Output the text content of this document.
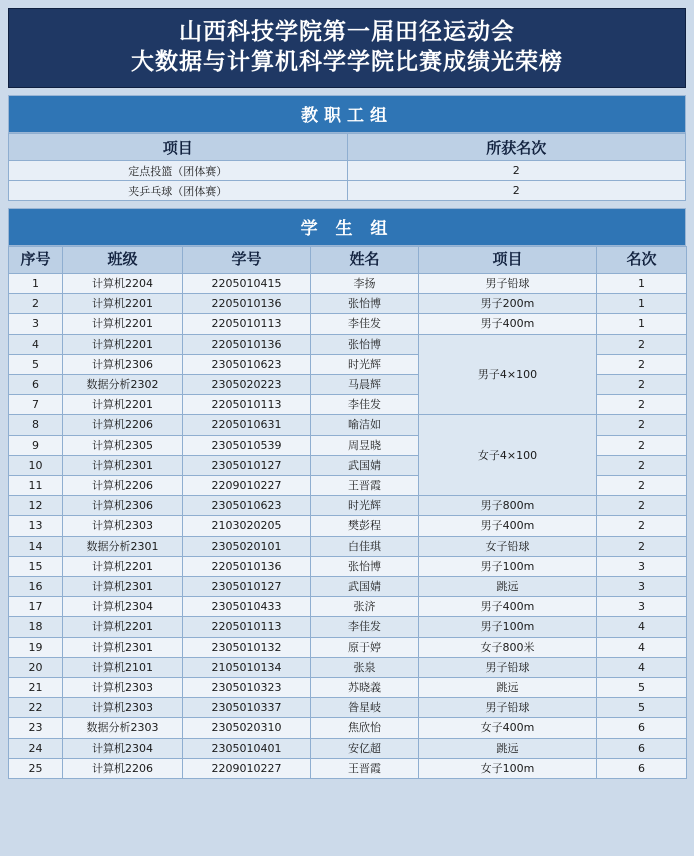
山西科技学院第一届田径运动会
大数据与计算机科学学院比赛成绩光荣榜
教职工组
项目	所获名次
定点投篮（团体赛）	2
夹乒乓球（团体赛）	2
学 生 组
序号	班级	学号	姓名	项目	名次
1	计算机2204	2205010415	李扬	男子铅球	1
2	计算机2201	2205010136	张怡博	男子200m	1
3	计算机2201	2205010113	李佳发	男子400m	1
4	计算机2201	2205010136	张怡博	男子4×100	2
5	计算机2306	2305010623	时光辉		2
6	数据分析2302	2305020223	马晨辉		2
7	计算机2201	2205010113	李佳发		2
8	计算机2206	2205010631	喻洁如	女子4×100	2
9	计算机2305	2305010539	周昱晓		2
10	计算机2301	2305010127	武国婧		2
11	计算机2206	2209010227	王晋霞		2
12	计算机2306	2305010623	时光辉	男子800m	2
13	计算机2303	2103020205	樊彭程	男子400m	2
14	数据分析2301	2305020101	白佳琪	女子铅球	2
15	计算机2201	2205010136	张怡博	男子100m	3
16	计算机2301	2305010127	武国婧	跳远	3
17	计算机2304	2305010433	张济	男子400m	3
18	计算机2201	2205010113	李佳发	男子100m	4
19	计算机2301	2305010132	原于婷	女子800米	4
20	计算机2101	2105010134	张泉	男子铅球	4
21	计算机2303	2305010323	苏晓義	跳远	5
22	计算机2303	2305010337	昝星岐	男子铅球	5
23	数据分析2303	2305020310	焦欣怡	女子400m	6
24	计算机2304	2305010401	安亿超	跳远	6
25	计算机2206	2209010227	王晋霞	女子100m	6
